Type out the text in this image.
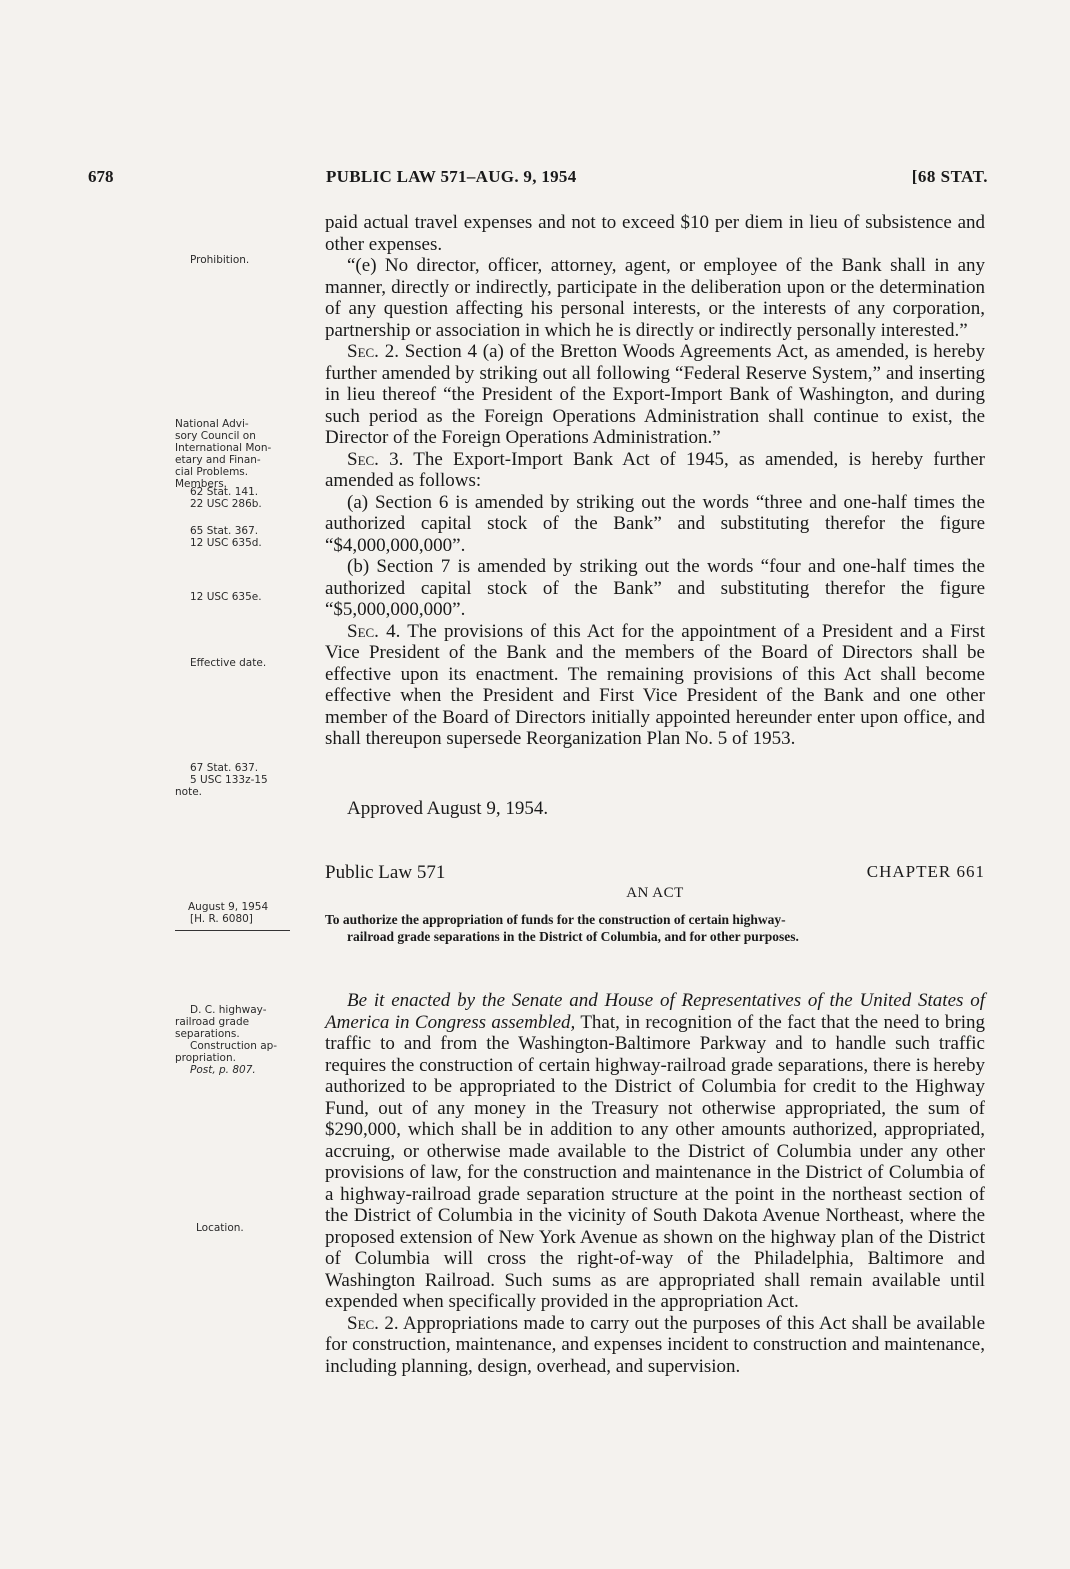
678	PUBLIC LAW 571–AUG. 9, 1954	[68 STAT.
Prohibition.
National Advi-
sory Council on
International Mon-
etary and Finan-
cial Problems.
Members.
62 Stat. 141.
22 USC 286b.
65 Stat. 367.
12 USC 635d.
12 USC 635e.
Effective date.
67 Stat. 637.
5 USC 133z-15
note.
August 9, 1954
[H. R. 6080]
D. C. highway-
railroad grade
separations.
Construction ap-
propriation.
Post, p. 807.
Location.

paid actual travel expenses and not to exceed $10 per diem in lieu of subsistence and other expenses.

“(e) No director, officer, attorney, agent, or employee of the Bank shall in any manner, directly or indirectly, participate in the deliberation upon or the determination of any question affecting his personal interests, or the interests of any corporation, partnership or association in which he is directly or indirectly personally interested.”

Sec. 2. Section 4 (a) of the Bretton Woods Agreements Act, as amended, is hereby further amended by striking out all following “Federal Reserve System,” and inserting in lieu thereof “the President of the Export-Import Bank of Washington, and during such period as the Foreign Operations Administration shall continue to exist, the Director of the Foreign Operations Administration.”

Sec. 3. The Export-Import Bank Act of 1945, as amended, is hereby further amended as follows:

(a) Section 6 is amended by striking out the words “three and one-half times the authorized capital stock of the Bank” and substituting therefor the figure “$4,000,000,000”.

(b) Section 7 is amended by striking out the words “four and one-half times the authorized capital stock of the Bank” and substituting therefor the figure “$5,000,000,000”.

Sec. 4. The provisions of this Act for the appointment of a President and a First Vice President of the Bank and the members of the Board of Directors shall be effective upon its enactment. The remaining provisions of this Act shall become effective when the President and First Vice President of the Bank and one other member of the Board of Directors initially appointed hereunder enter upon office, and shall thereupon supersede Reorganization Plan No. 5 of 1953.

Approved August 9, 1954.
Public Law 571	CHAPTER 661
AN ACT
To authorize the appropriation of funds for the construction of certain highway-
railroad grade separations in the District of Columbia, and for other purposes.

Be it enacted by the Senate and House of Representatives of the United States of America in Congress assembled, That, in recognition of the fact that the need to bring traffic to and from the Washington-Baltimore Parkway and to handle such traffic requires the construction of certain highway-railroad grade separations, there is hereby authorized to be appropriated to the District of Columbia for credit to the Highway Fund, out of any money in the Treasury not otherwise appropriated, the sum of $290,000, which shall be in addition to any other amounts authorized, appropriated, accruing, or otherwise made available to the District of Columbia under any other provisions of law, for the construction and maintenance in the District of Columbia of a highway-railroad grade separation structure at the point in the northeast section of the District of Columbia in the vicinity of South Dakota Avenue Northeast, where the proposed extension of New York Avenue as shown on the highway plan of the District of Columbia will cross the right-of-way of the Philadelphia, Baltimore and Washington Railroad. Such sums as are appropriated shall remain available until expended when specifically provided in the appropriation Act.

Sec. 2. Appropriations made to carry out the purposes of this Act shall be available for construction, maintenance, and expenses incident to construction and maintenance, including planning, design, overhead, and supervision.
